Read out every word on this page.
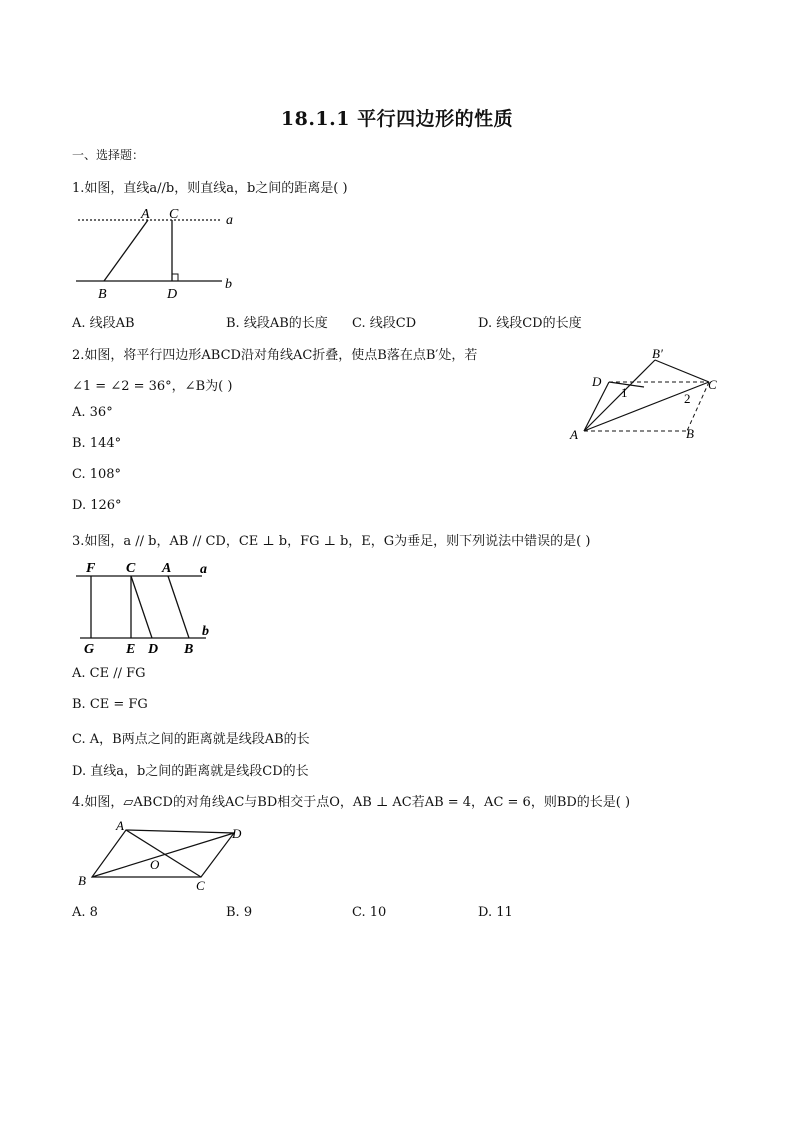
18.1.1 平行四边形的性质
一、选择题：
1.如图，直线a//b，则直线a，b之间的距离是( )
A C	a
B	D
b
A. 线段AB	B. 线段AB的长度 C. 线段CD	D. 线段CD的长度
2.如图，将平行四边形ABCD沿对角线AC折叠，使点B落在点B′处，若
∠1 = ∠2 = 36°，∠B为( )
A. 36°
B. 144°
C. 108°
D. 126°
B′
D
1
C
2
A	B
3.如图，a // b，AB // CD，CE ⊥ b，FG ⊥ b，E，G为垂足，则下列说法中错误的是( )
F C A a
G E D B
b
A. CE // FG
B. CE = FG
C. A，B两点之间的距离就是线段AB的长
D. 直线a，b之间的距离就是线段CD的长
4.如图，▱ABCD的对角线AC与BD相交于点O，AB ⊥ AC若AB = 4，AC = 6，则BD的长是( )
A
D
O
B	C
A. 8	B. 9	C. 10	D. 11
